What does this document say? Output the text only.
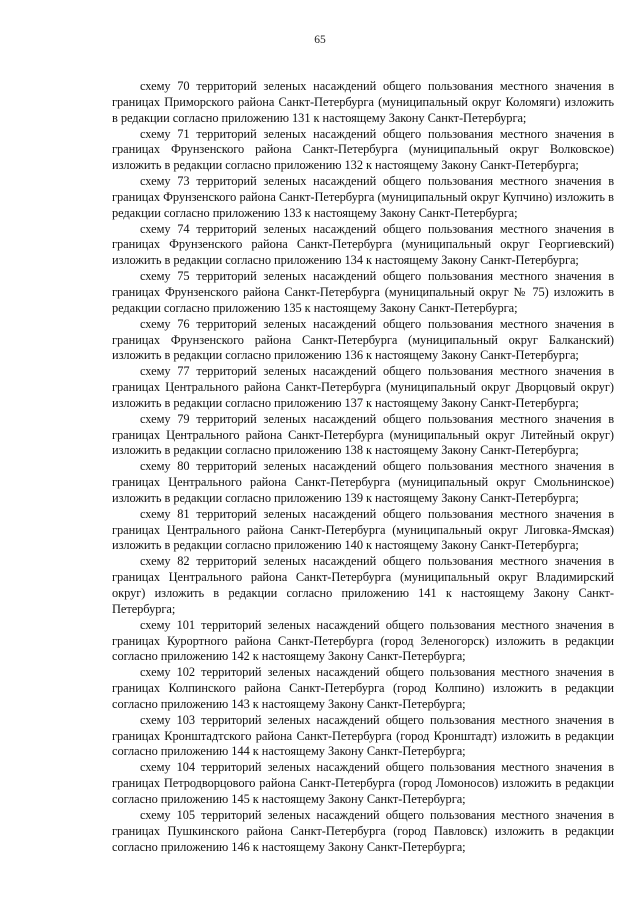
65

схему 70 территорий зеленых насаждений общего пользования местного значения в границах Приморского района Санкт-Петербурга (муниципальный округ Коломяги) изложить в редакции согласно приложению 131 к настоящему Закону Санкт-Петербурга;

схему 71 территорий зеленых насаждений общего пользования местного значения в границах Фрунзенского района Санкт-Петербурга (муниципальный округ Волковское) изложить в редакции согласно приложению 132 к настоящему Закону Санкт-Петербурга;

схему 73 территорий зеленых насаждений общего пользования местного значения в границах Фрунзенского района Санкт-Петербурга (муниципальный округ Купчино) изложить в редакции согласно приложению 133 к настоящему Закону Санкт-Петербурга;

схему 74 территорий зеленых насаждений общего пользования местного значения в границах Фрунзенского района Санкт-Петербурга (муниципальный округ Георгиевский) изложить в редакции согласно приложению 134 к настоящему Закону Санкт-Петербурга;

схему 75 территорий зеленых насаждений общего пользования местного значения в границах Фрунзенского района Санкт-Петербурга (муниципальный округ № 75) изложить в редакции согласно приложению 135 к настоящему Закону Санкт-Петербурга;

схему 76 территорий зеленых насаждений общего пользования местного значения в границах Фрунзенского района Санкт-Петербурга (муниципальный округ Балканский) изложить в редакции согласно приложению 136 к настоящему Закону Санкт-Петербурга;

схему 77 территорий зеленых насаждений общего пользования местного значения в границах Центрального района Санкт-Петербурга (муниципальный округ Дворцовый округ) изложить в редакции согласно приложению 137 к настоящему Закону Санкт-Петербурга;

схему 79 территорий зеленых насаждений общего пользования местного значения в границах Центрального района Санкт-Петербурга (муниципальный округ Литейный округ) изложить в редакции согласно приложению 138 к настоящему Закону Санкт-Петербурга;

схему 80 территорий зеленых насаждений общего пользования местного значения в границах Центрального района Санкт-Петербурга (муниципальный округ Смольнинское) изложить в редакции согласно приложению 139 к настоящему Закону Санкт-Петербурга;

схему 81 территорий зеленых насаждений общего пользования местного значения в границах Центрального района Санкт-Петербурга (муниципальный округ Лиговка-Ямская) изложить в редакции согласно приложению 140 к настоящему Закону Санкт-Петербурга;

схему 82 территорий зеленых насаждений общего пользования местного значения в границах Центрального района Санкт-Петербурга (муниципальный округ Владимирский округ) изложить в редакции согласно приложению 141 к настоящему Закону Санкт-Петербурга;

схему 101 территорий зеленых насаждений общего пользования местного значения в границах Курортного района Санкт-Петербурга (город Зеленогорск) изложить в редакции согласно приложению 142 к настоящему Закону Санкт-Петербурга;

схему 102 территорий зеленых насаждений общего пользования местного значения в границах Колпинского района Санкт-Петербурга (город Колпино) изложить в редакции согласно приложению 143 к настоящему Закону Санкт-Петербурга;

схему 103 территорий зеленых насаждений общего пользования местного значения в границах Кронштадтского района Санкт-Петербурга (город Кронштадт) изложить в редакции согласно приложению 144 к настоящему Закону Санкт-Петербурга;

схему 104 территорий зеленых насаждений общего пользования местного значения в границах Петродворцового района Санкт-Петербурга (город Ломоносов) изложить в редакции согласно приложению 145 к настоящему Закону Санкт-Петербурга;

схему 105 территорий зеленых насаждений общего пользования местного значения в границах Пушкинского района Санкт-Петербурга (город Павловск) изложить в редакции согласно приложению 146 к настоящему Закону Санкт-Петербурга;
